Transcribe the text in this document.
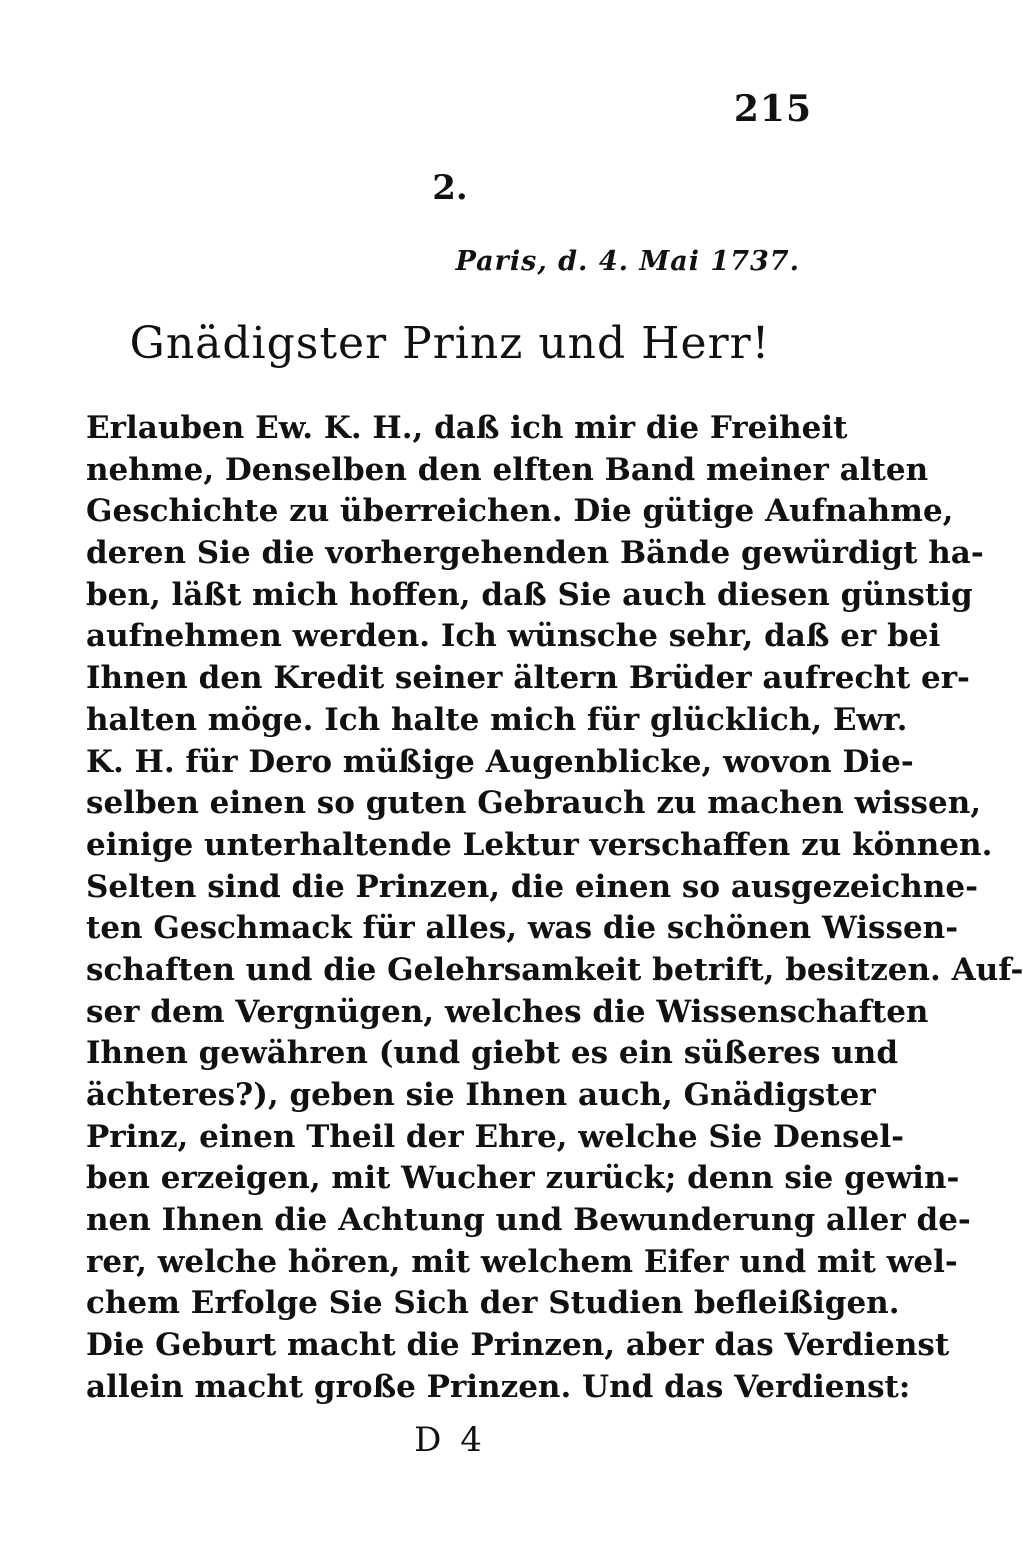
215
2.
Paris, d. 4. Mai 1737.
Gnädigster Prinz und Herr!
Erlauben Ew. K. H., daß ich mir die Freiheit
nehme, Denselben den elften Band meiner alten
Geschichte zu überreichen. Die gütige Aufnahme,
deren Sie die vorhergehenden Bände gewürdigt ha-
ben, läßt mich hoffen, daß Sie auch diesen günstig
aufnehmen werden. Ich wünsche sehr, daß er bei
Ihnen den Kredit seiner ältern Brüder aufrecht er-
halten möge. Ich halte mich für glücklich, Ewr.
K. H. für Dero müßige Augenblicke, wovon Die-
selben einen so guten Gebrauch zu machen wissen,
einige unterhaltende Lektur verschaffen zu können.
Selten sind die Prinzen, die einen so ausgezeichne-
ten Geschmack für alles, was die schönen Wissen-
schaften und die Gelehrsamkeit betrift, besitzen. Auf-
ser dem Vergnügen, welches die Wissenschaften
Ihnen gewähren (und giebt es ein süßeres und
ächteres?), geben sie Ihnen auch, Gnädigster
Prinz, einen Theil der Ehre, welche Sie Densel-
ben erzeigen, mit Wucher zurück; denn sie gewin-
nen Ihnen die Achtung und Bewunderung aller de-
rer, welche hören, mit welchem Eifer und mit wel-
chem Erfolge Sie Sich der Studien befleißigen.
Die Geburt macht die Prinzen, aber das Verdienst
allein macht große Prinzen. Und das Verdienst:
D 4
